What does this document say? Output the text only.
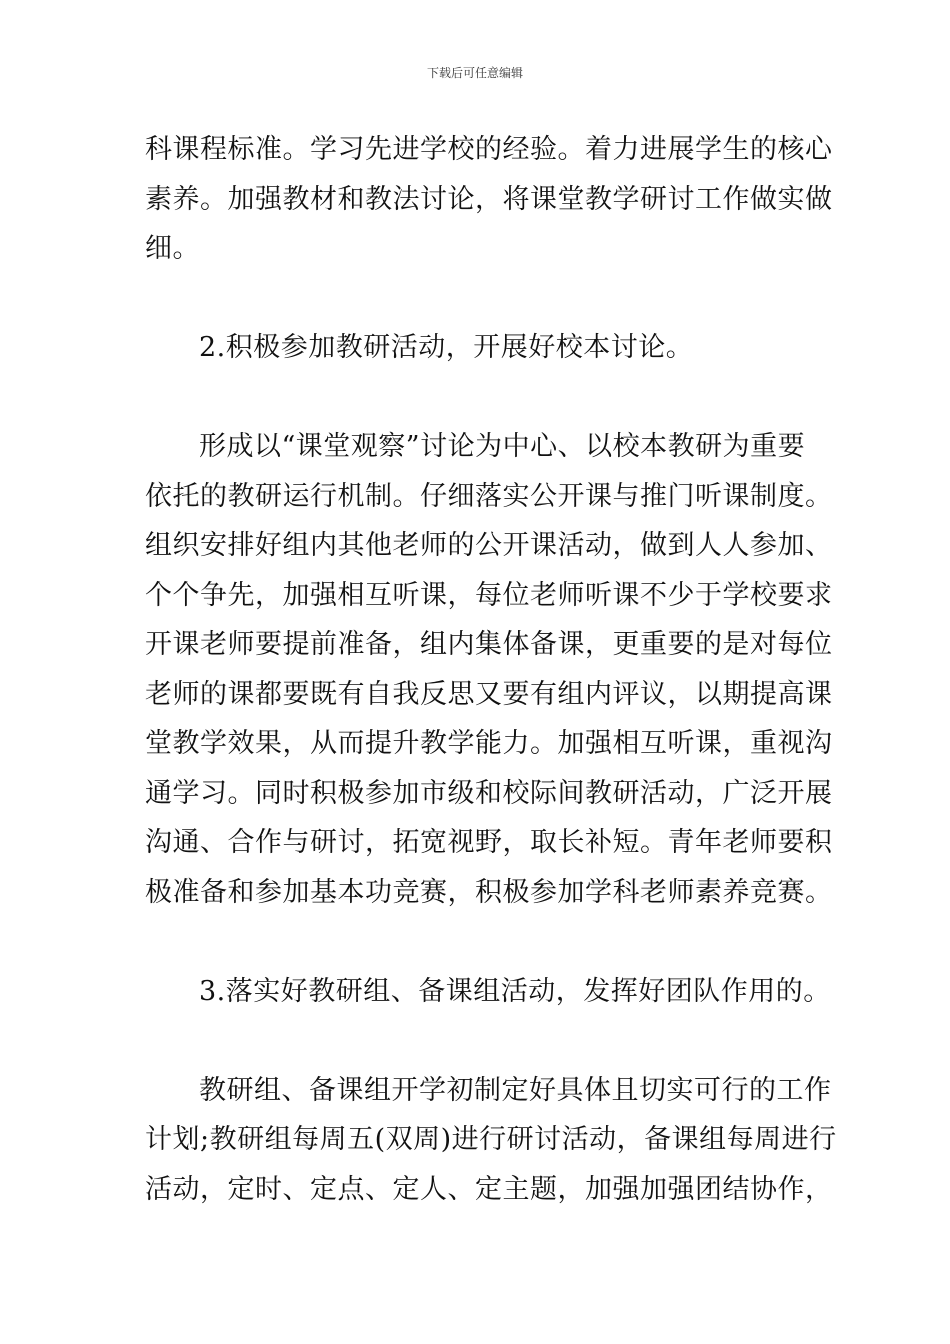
下载后可任意编辑
科课程标准。学习先进学校的经验。着力进展学生的核心
素养。加强教材和教法讨论，将课堂教学研讨工作做实做
细。
2.积极参加教研活动，开展好校本讨论。
形成以“课堂观察”讨论为中心、以校本教研为重要
依托的教研运行机制。仔细落实公开课与推门听课制度。
组织安排好组内其他老师的公开课活动，做到人人参加、
个个争先，加强相互听课，每位老师听课不少于学校要求
开课老师要提前准备，组内集体备课，更重要的是对每位
老师的课都要既有自我反思又要有组内评议，以期提高课
堂教学效果，从而提升教学能力。加强相互听课，重视沟
通学习。同时积极参加市级和校际间教研活动，广泛开展
沟通、合作与研讨，拓宽视野，取长补短。青年老师要积
极准备和参加基本功竞赛，积极参加学科老师素养竞赛。
3.落实好教研组、备课组活动，发挥好团队作用的。
教研组、备课组开学初制定好具体且切实可行的工作
计划;教研组每周五(双周)进行研讨活动，备课组每周进行
活动，定时、定点、定人、定主题，加强加强团结协作，
